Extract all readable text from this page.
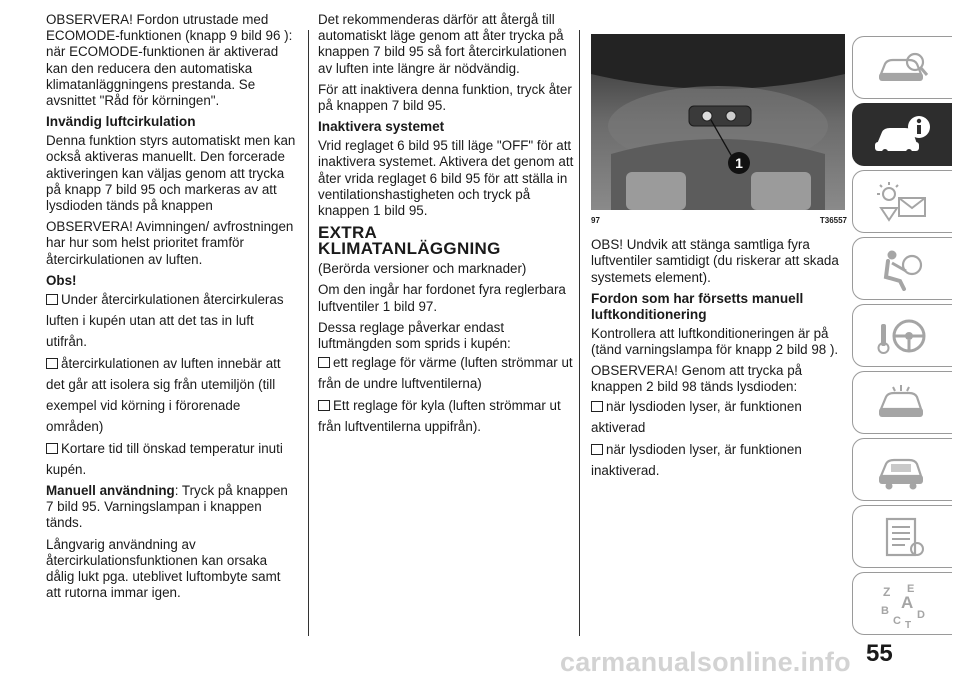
OBSERVERA! Fordon utrustade med ECOMODE-funktionen (knapp 9 bild 96 ): när ECOMODE-funktionen är aktiverad kan den reducera den automatiska klimatanläggningens prestanda. Se avsnittet "Råd för körningen".

Invändig luftcirkulation

Denna funktion styrs automatiskt men kan också aktiveras manuellt. Den forcerade aktiveringen kan väljas genom att trycka på knapp 7 bild 95 och markeras av att lysdioden tänds på knappen

OBSERVERA! Avimningen/ avfrostningen har hur som helst prioritet framför återcirkulationen av luften.

Obs!
Under återcirkulationen återcirkuleras luften i kupén utan att det tas in luft utifrån.
återcirkulationen av luften innebär att det går att isolera sig från utemiljön (till exempel vid körning i förorenade områden)
Kortare tid till önskad temperatur inuti kupén.

Manuell användning: Tryck på knappen 7 bild 95. Varningslampan i knappen tänds.

Långvarig användning av återcirkulationsfunktionen kan orsaka dålig lukt pga. uteblivet luftombyte samt att rutorna immar igen.

Det rekommenderas därför att återgå till automatiskt läge genom att åter trycka på knappen 7 bild 95 så fort återcirkulationen av luften inte längre är nödvändig.

För att inaktivera denna funktion, tryck åter på knappen 7 bild 95.

Inaktivera systemet

Vrid reglaget 6 bild 95 till läge "OFF" för att inaktivera systemet. Aktivera det genom att åter vrida reglaget 6 bild 95 för att ställa in ventilationshastigheten och tryck på knappen 1 bild 95.

EXTRA
KLIMATANLÄGGNING

(Berörda versioner och marknader)

Om den ingår har fordonet fyra reglerbara luftventiler 1 bild 97.

Dessa reglage påverkar endast luftmängden som sprids i kupén:

ett reglage för värme (luften strömmar ut från de undre luftventilerna)
Ett reglage för kyla (luften strömmar ut från luftventilerna uppifrån).
1
97	T36557

OBS! Undvik att stänga samtliga fyra luftventiler samtidigt (du riskerar att skada systemets element).

Fordon som har försetts manuell luftkonditionering

Kontrollera att luftkonditioneringen är på (tänd varningslampa för knapp 2 bild 98 ).

OBSERVERA! Genom att trycka på knappen 2 bild 98 tänds lysdioden:

när lysdioden lyser, är funktionen aktiverad
när lysdioden lyser, är funktionen inaktiverad.
Z E
A
B
C D
T
55
carmanualsonline.info
